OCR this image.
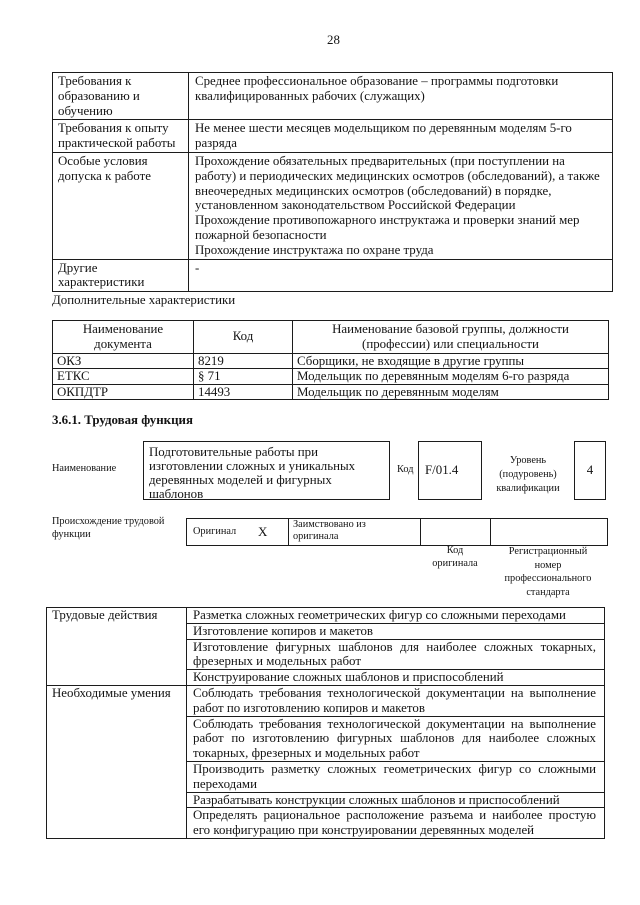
28
Требования к образованию и обучению	Среднее профессиональное образование – программы подготовки квалифицированных рабочих (служащих)

Требования к опыту практической работы	Не менее шести месяцев модельщиком по деревянным моделям 5-го разряда

Особые условия допуска к работе	Прохождение обязательных предварительных (при поступлении на работу) и периодических медицинских осмотров (обследований), а также внеочередных медицинских осмотров (обследований) в порядке, установленном законодательством Российской Федерации
Прохождение противопожарного инструктажа и проверки знаний мер пожарной безопасности
Прохождение инструктажа по охране труда

Другие характеристики	-
Дополнительные характеристики
Наименование документа	Код	Наименование базовой группы, должности (профессии) или специальности
ОКЗ	8219	Сборщики, не входящие в другие группы
ЕТКС	§ 71	Модельщик по деревянным моделям 6-го разряда
ОКПДТР	14493	Модельщик по деревянным моделям
3.6.1. Трудовая функция
Наименование
Подготовительные работы при изготовлении сложных и уникальных деревянных моделей и фигурных шаблонов
Код F/01.4
Уровень (подуровень) квалификации
4
Происхождение трудовой функции	Оригинал X	Заимствовано из оригинала
Код оригинала
Регистрационный номер профессионального стандарта
Трудовые действия	Разметка сложных геометрических фигур со сложными переходами
	Изготовление копиров и макетов
	Изготовление фигурных шаблонов для наиболее сложных токарных, фрезерных и модельных работ
	Конструирование сложных шаблонов и приспособлений
Необходимые умения	Соблюдать требования технологической документации на выполнение работ по изготовлению копиров и макетов
	Соблюдать требования технологической документации на выполнение работ по изготовлению фигурных шаблонов для наиболее сложных токарных, фрезерных и модельных работ
	Производить разметку сложных геометрических фигур со сложными переходами
	Разрабатывать конструкции сложных шаблонов и приспособлений
	Определять рациональное расположение разъема и наиболее простую его конфигурацию при конструировании деревянных моделей
